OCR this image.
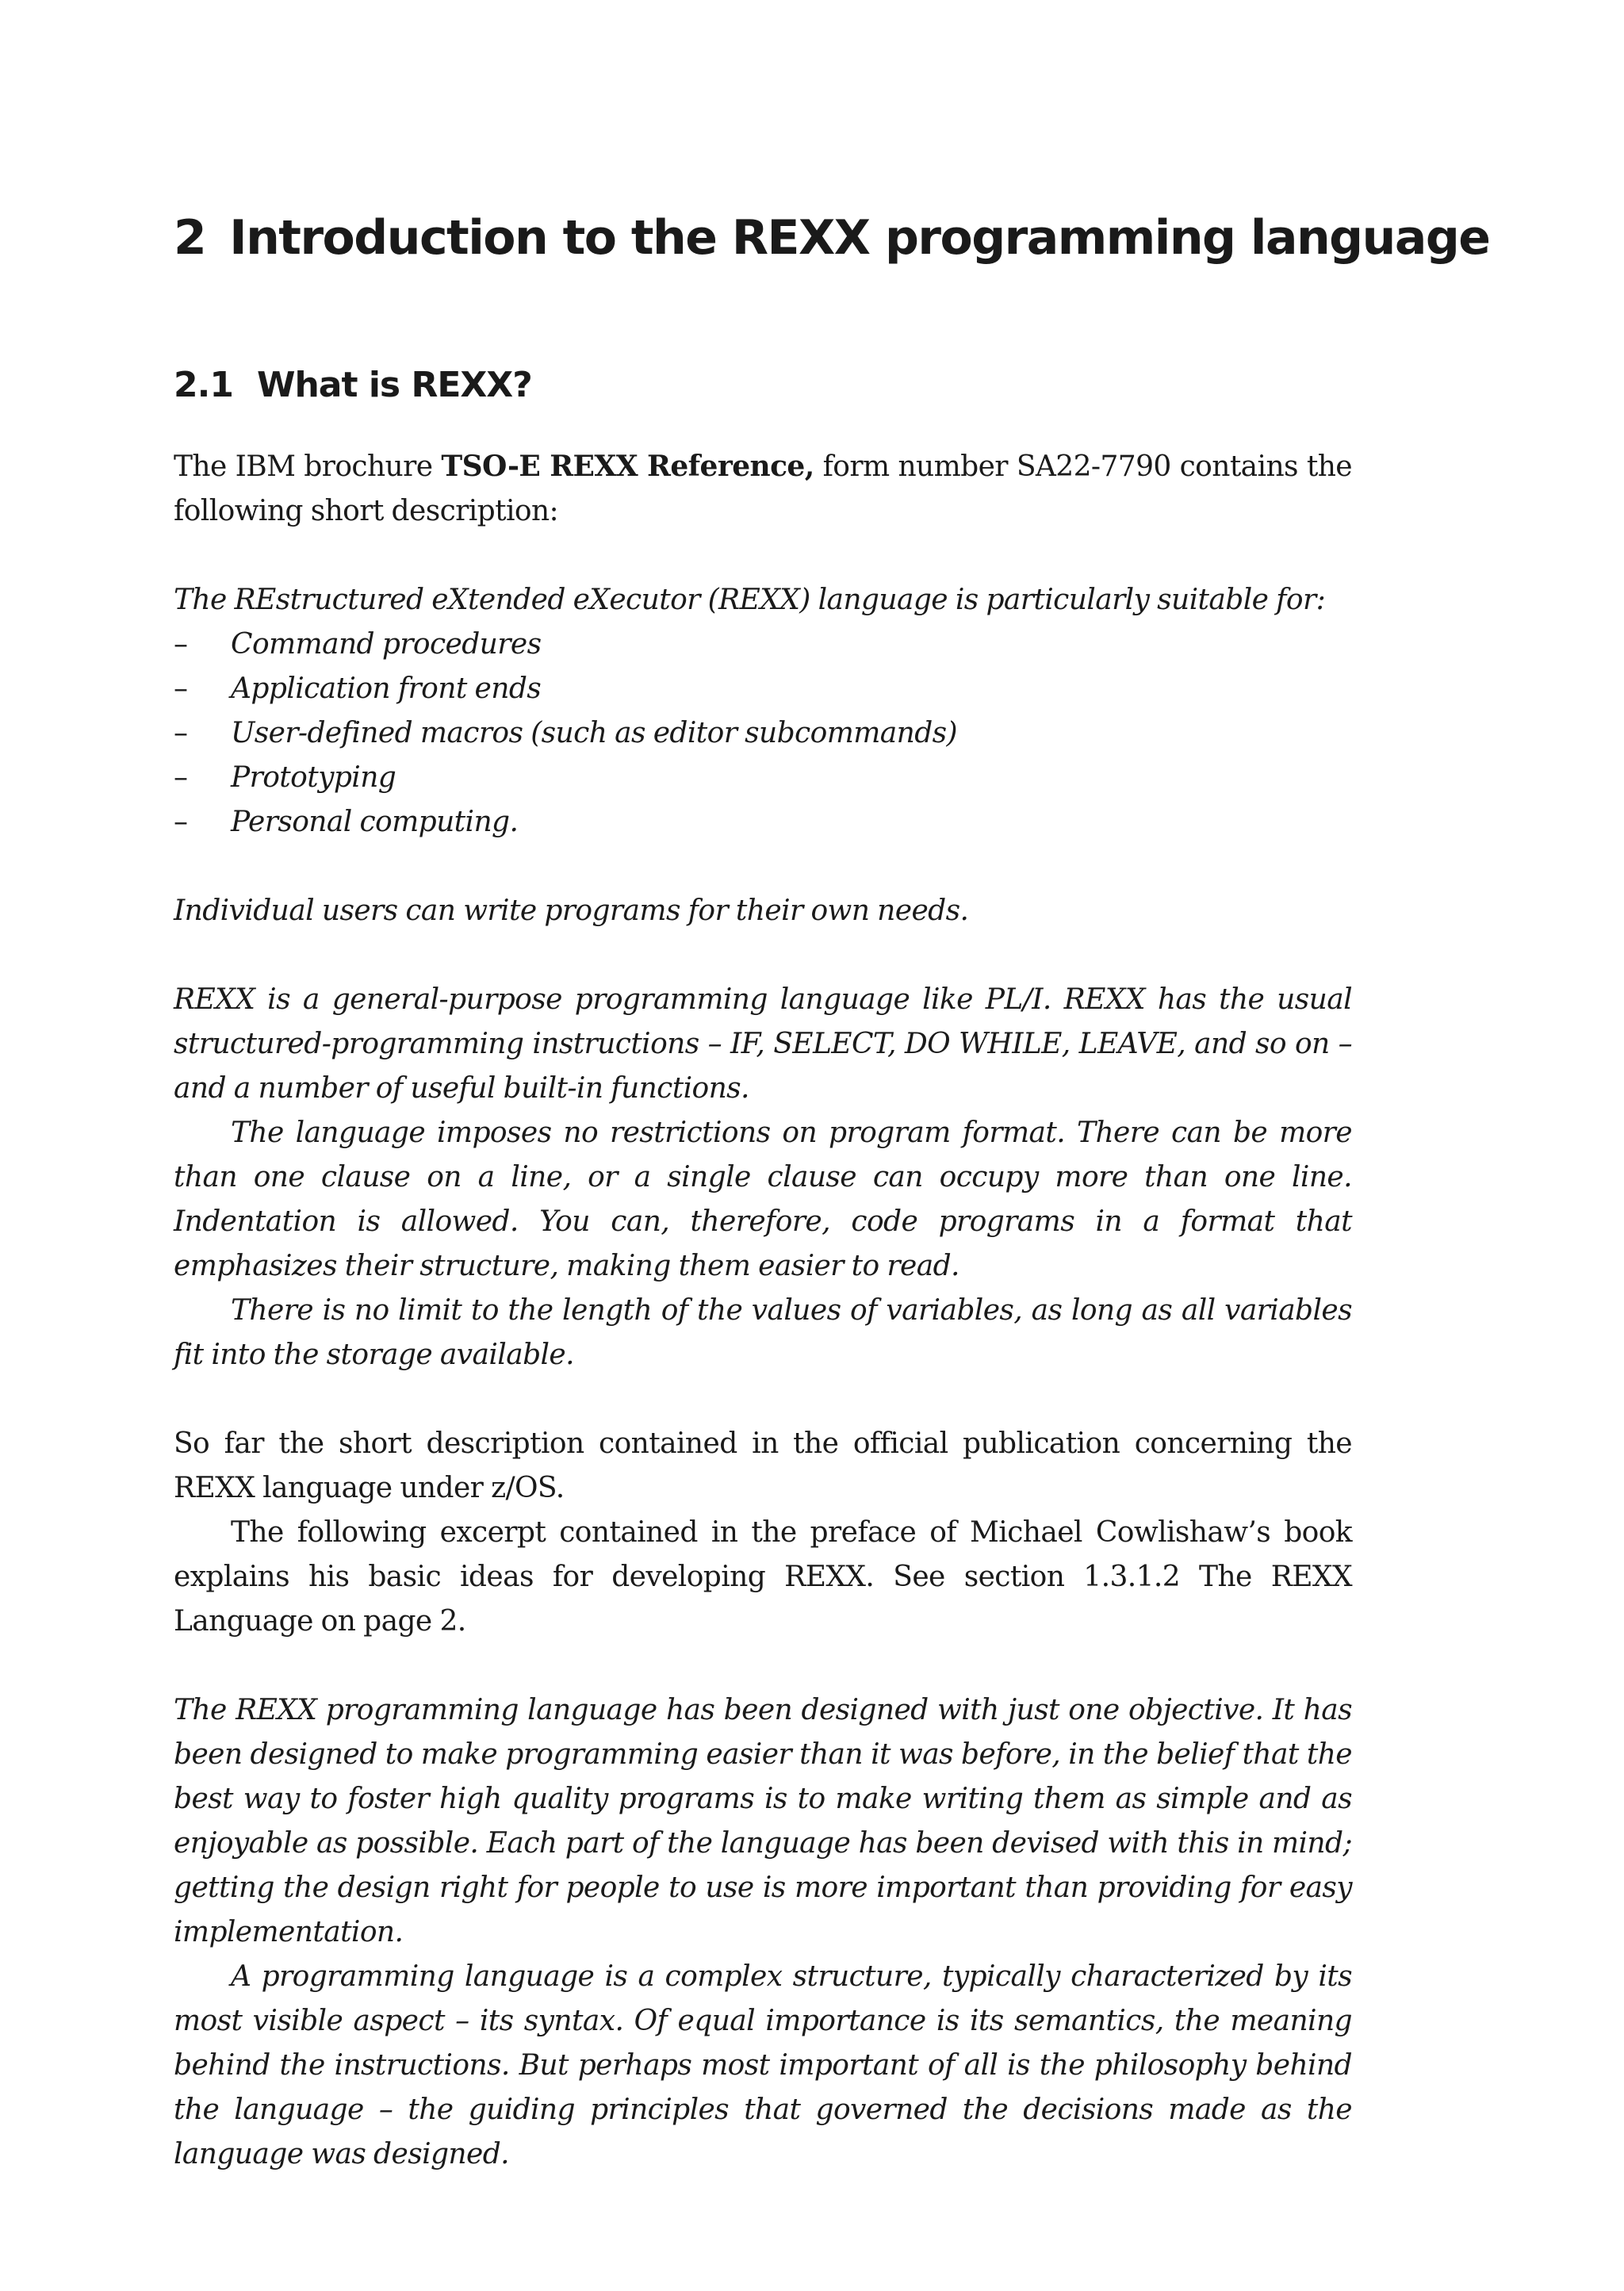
2 Introduction to the REXX programming language
2.1 What is REXX?

The IBM brochure TSO-E REXX Reference, form number SA22-7790 contains the following short description:

The REstructured eXtended eXecutor (REXX) language is particularly suitable for:

– Command procedures
– Application front ends
– User-defined macros (such as editor subcommands)
– Prototyping
– Personal computing.

Individual users can write programs for their own needs.

REXX is a general-purpose programming language like PL/I. REXX has the usual structured-programming instructions – IF, SELECT, DO WHILE, LEAVE, and so on – and a number of useful built-in functions.

The language imposes no restrictions on program format. There can be more than one clause on a line, or a single clause can occupy more than one line. Indentation is allowed. You can, therefore, code programs in a format that emphasizes their structure, making them easier to read.

There is no limit to the length of the values of variables, as long as all variables fit into the storage available.

So far the short description contained in the official publication concerning the REXX language under z/OS.

The following excerpt contained in the preface of Michael Cowlishaw’s book explains his basic ideas for developing REXX. See section 1.3.1.2 The REXX Language on page 2.

The REXX programming language has been designed with just one objective. It has been designed to make programming easier than it was before, in the belief that the best way to foster high quality programs is to make writing them as simple and as enjoyable as possible. Each part of the language has been devised with this in mind; getting the design right for people to use is more important than providing for easy implementation.

A programming language is a complex structure, typically characterized by its most visible aspect – its syntax. Of equal importance is its semantics, the meaning behind the instructions. But perhaps most important of all is the philosophy behind the language – the guiding principles that governed the decisions made as the language was designed.
